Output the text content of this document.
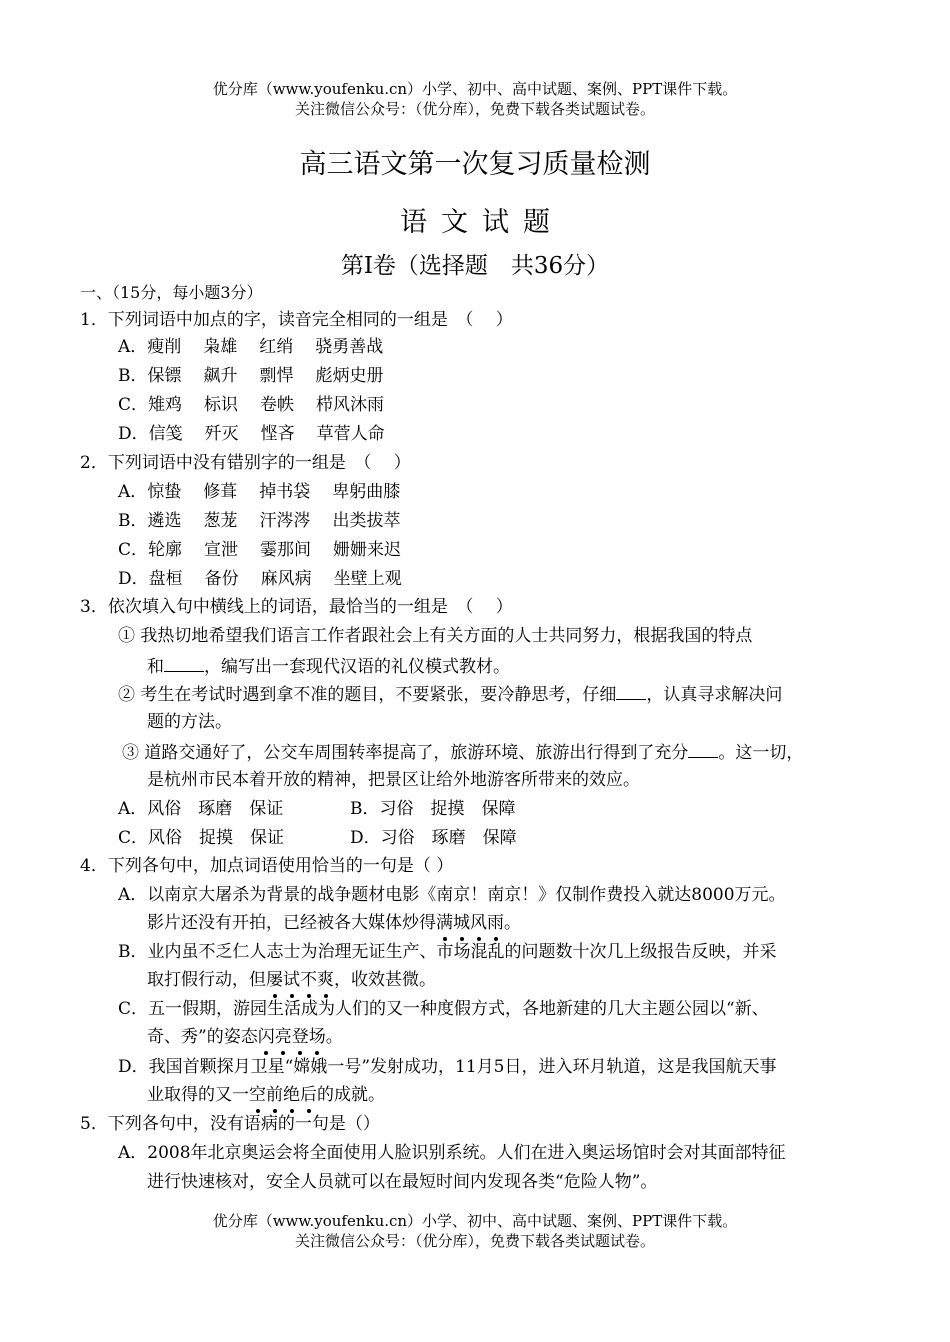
优分库（www.youfenku.cn）小学、初中、高中试题、案例、PPT课件下载。
关注微信公众号：（优分库），免费下载各类试题试卷。
高三语文第一次复习质量检测
语文试题
第Ⅰ卷（选择题　共36分）
一、（15分，每小题3分）
1．下列词语中加点的字，读音完全相同的一组是　（　 ）
A．瘦削 枭雄 红绡 骁勇善战
B．保镖 飙升 剽悍 彪炳史册
C．雉鸡 标识 卷帙 栉风沐雨
D．信笺 歼灭 悭吝 草菅人命
2．下列词语中没有错别字的一组是　（　 ）
A．惊蛰 修葺 掉书袋 卑躬曲膝
B．遴选 葱茏 汗涔涔 出类拔萃
C．轮廓 宣泄 霎那间 姗姗来迟
D．盘桓 备份 麻风病 坐壁上观
3．依次填入句中横线上的词语，最恰当的一组是　（　 ）
① 我热切地希望我们语言工作者跟社会上有关方面的人士共同努力，根据我国的特点
和 ，编写出一套现代汉语的礼仪模式教材。
② 考生在考试时遇到拿不准的题目，不要紧张，要冷静思考，仔细 ，认真寻求解决问
题的方法。
③ 道路交通好了，公交车周围转率提高了，旅游环境、旅游出行得到了充分 。这一切，
是杭州市民本着开放的精神，把景区让给外地游客所带来的效应。
A．风俗　琢磨　保证	B．习俗　捉摸　保障
C．风俗　捉摸　保证	D．习俗　琢磨　保障
4．下列各句中，加点词语使用恰当的一句是（ ）
A．以南京大屠杀为背景的战争题材电影《南京！南京！》仅制作费投入就达8000万元。
影片还没有开拍，已经被各大媒体炒得满城风雨。
B．业内虽不乏仁人志士为治理无证生产、市场混乱的问题数十次几上级报告反映，并采
取打假行动，但屡试不爽，收效甚微。
C．五一假期，游园生活成为人们的又一种度假方式，各地新建的几大主题公园以“新、
奇、秀”的姿态闪亮登场。
D．我国首颗探月卫星“嫦娥一号”发射成功，11月5日，进入环月轨道，这是我国航天事
业取得的又一空前绝后的成就。
5．下列各句中，没有语病的一句是（）
A．2008年北京奥运会将全面使用人脸识别系统。人们在进入奥运场馆时会对其面部特征
进行快速核对，安全人员就可以在最短时间内发现各类“危险人物”。
优分库（www.youfenku.cn）小学、初中、高中试题、案例、PPT课件下载。
关注微信公众号：（优分库），免费下载各类试题试卷。
